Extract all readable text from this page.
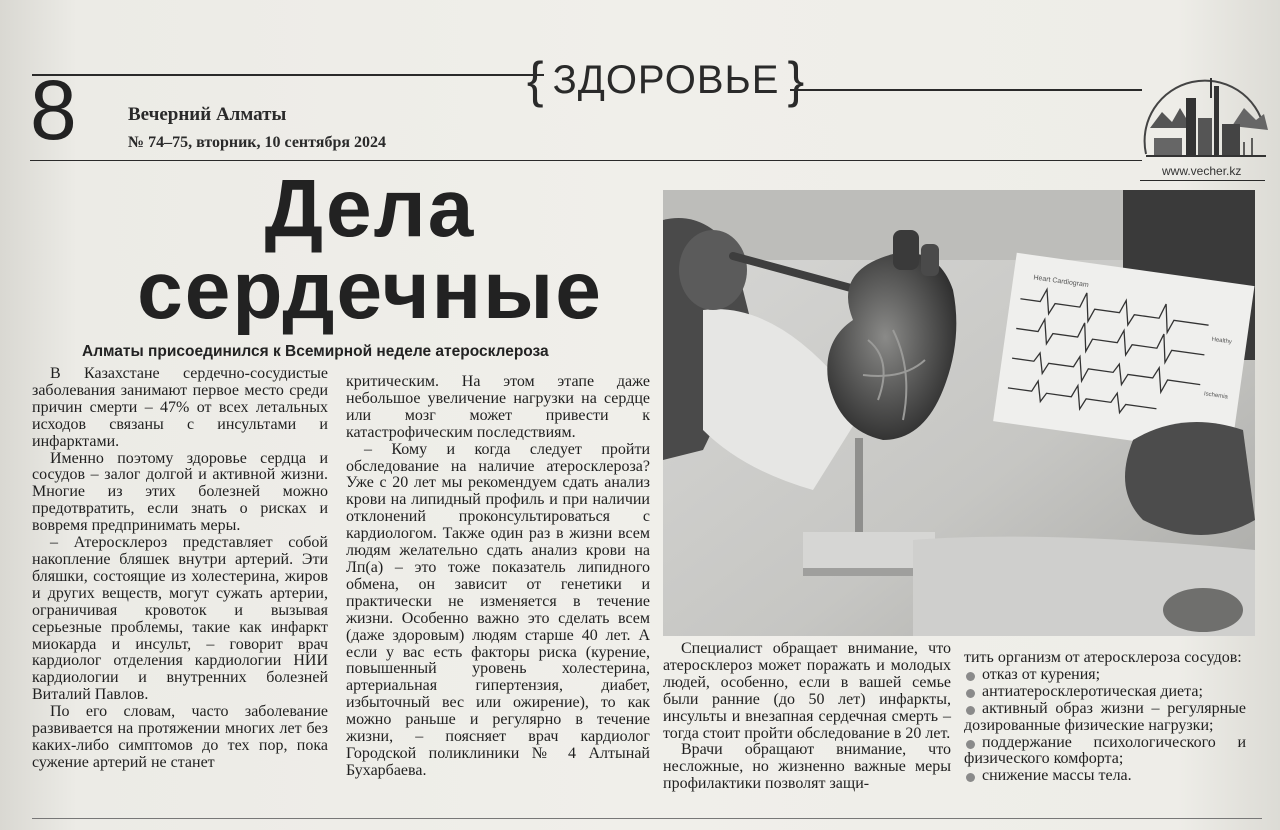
8	Вечерний Алматы
№ 74–75, вторник, 10 сентября 2024
{ ЗДОРОВЬЕ }
www.vecher.kz
Дела
сердечные
Алматы присоединился к Всемирной неделе атеросклероза

В Казахстане сердечно-сосудистые заболевания занимают первое место среди причин смерти – 47% от всех летальных исходов связаны с инсультами и инфарктами.

Именно поэтому здоровье сердца и сосудов – залог долгой и активной жизни. Многие из этих болезней можно предотвратить, если знать о рисках и вовремя предпринимать меры.

– Атеросклероз представляет собой накопление бляшек внутри артерий. Эти бляшки, состоящие из холестерина, жиров и других веществ, могут сужать артерии, ограничивая кровоток и вызывая серьезные проблемы, такие как инфаркт миокарда и инсульт, – говорит врач кардиолог отделения кардиологии НИИ кардиологии и внутренних болезней Виталий Павлов.

По его словам, часто заболевание развивается на протяжении многих лет без каких-либо симптомов до тех пор, пока сужение артерий не станет

критическим. На этом этапе даже небольшое увеличение нагрузки на сердце или мозг может привести к катастрофическим последствиям.

– Кому и когда следует пройти обследование на наличие атеросклероза? Уже с 20 лет мы рекомендуем сдать анализ крови на липидный профиль и при наличии отклонений проконсультироваться с кардиологом. Также один раз в жизни всем людям желательно сдать анализ крови на Лп(а) – это тоже показатель липидного обмена, он зависит от генетики и практически не изменяется в течение жизни. Особенно важно это сделать всем (даже здоровым) людям старше 40 лет. А если у вас есть факторы риска (курение, повышенный уровень холестерина, артериальная гипертензия, диабет, избыточный вес или ожирение), то как можно раньше и регулярно в течение жизни, – поясняет врач кардиолог Городской поликлиники № 4 Алтынай Бухарбаева.

Heart Cardiogram
Healthy
Ischemia

Специалист обращает внимание, что атеросклероз может поражать и молодых людей, особенно, если в вашей семье были ранние (до 50 лет) инфаркты, инсульты и внезапная сердечная смерть – тогда стоит пройти обследование в 20 лет.

Врачи обращают внимание, что несложные, но жизненно важные меры профилактики позволят защи-

тить организм от атеросклероза сосудов:

отказ от курения;
антиатеросклеротическая диета;
активный образ жизни – регулярные дозированные физические нагрузки;
поддержание психологического и физического комфорта;
снижение массы тела.
